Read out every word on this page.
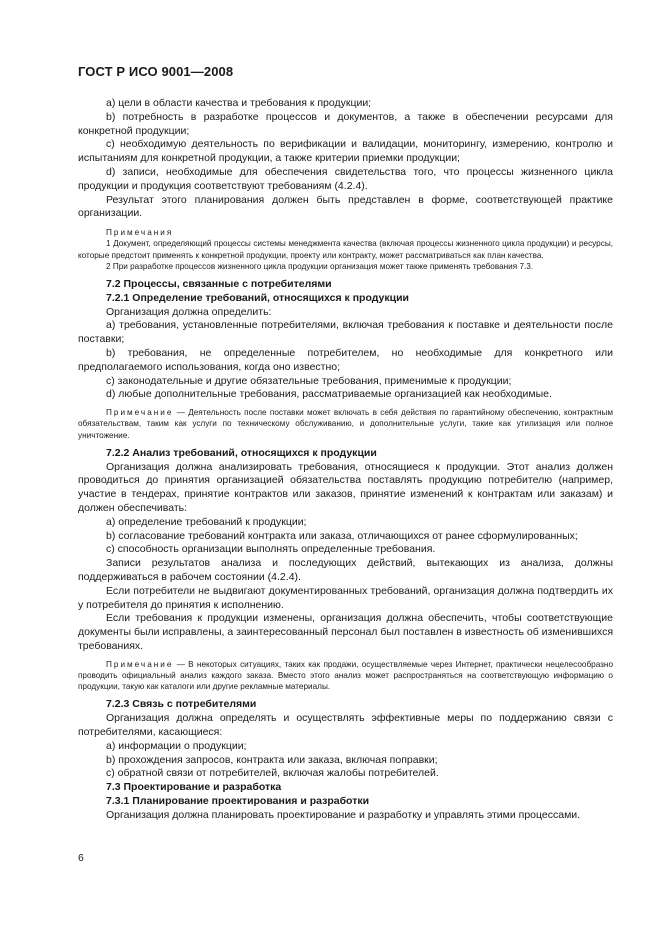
ГОСТ Р ИСО 9001—2008

a) цели в области качества и требования к продукции;

b) потребность в разработке процессов и документов, а также в обеспечении ресурсами для конкретной продукции;

c) необходимую деятельность по верификации и валидации, мониторингу, измерению, контролю и испытаниям для конкретной продукции, а также критерии приемки продукции;

d) записи, необходимые для обеспечения свидетельства того, что процессы жизненного цикла продукции и продукция соответствуют требованиям (4.2.4).

Результат этого планирования должен быть представлен в форме, соответствующей практике организации.

Примечания

1 Документ, определяющий процессы системы менеджмента качества (включая процессы жизненного цикла продукции) и ресурсы, которые предстоит применять к конкретной продукции, проекту или контракту, может рассматриваться как план качества.

2 При разработке процессов жизненного цикла продукции организация может также применять требования 7.3.

7.2 Процессы, связанные с потребителями

7.2.1 Определение требований, относящихся к продукции

Организация должна определить:

a) требования, установленные потребителями, включая требования к поставке и деятельности после поставки;

b) требования, не определенные потребителем, но необходимые для конкретного или предполагаемого использования, когда оно известно;

c) законодательные и другие обязательные требования, применимые к продукции;

d) любые дополнительные требования, рассматриваемые организацией как необходимые.

Примечание — Деятельность после поставки может включать в себя действия по гарантийному обеспечению, контрактным обязательствам, таким как услуги по техническому обслуживанию, и дополнительные услуги, такие как утилизация или полное уничтожение.

7.2.2 Анализ требований, относящихся к продукции

Организация должна анализировать требования, относящиеся к продукции. Этот анализ должен проводиться до принятия организацией обязательства поставлять продукцию потребителю (например, участие в тендерах, принятие контрактов или заказов, принятие изменений к контрактам или заказам) и должен обеспечивать:

a) определение требований к продукции;

b) согласование требований контракта или заказа, отличающихся от ранее сформулированных;

c) способность организации выполнять определенные требования.

Записи результатов анализа и последующих действий, вытекающих из анализа, должны поддерживаться в рабочем состоянии (4.2.4).

Если потребители не выдвигают документированных требований, организация должна подтвердить их у потребителя до принятия к исполнению.

Если требования к продукции изменены, организация должна обеспечить, чтобы соответствующие документы были исправлены, а заинтересованный персонал был поставлен в известность об изменившихся требованиях.

Примечание — В некоторых ситуациях, таких как продажи, осуществляемые через Интернет, практически нецелесообразно проводить официальный анализ каждого заказа. Вместо этого анализ может распространяться на соответствующую информацию о продукции, такую как каталоги или другие рекламные материалы.

7.2.3 Связь с потребителями

Организация должна определять и осуществлять эффективные меры по поддержанию связи с потребителями, касающиеся:

a) информации о продукции;

b) прохождения запросов, контракта или заказа, включая поправки;

c) обратной связи от потребителей, включая жалобы потребителей.

7.3 Проектирование и разработка

7.3.1 Планирование проектирования и разработки

Организация должна планировать проектирование и разработку и управлять этими процессами.

6
